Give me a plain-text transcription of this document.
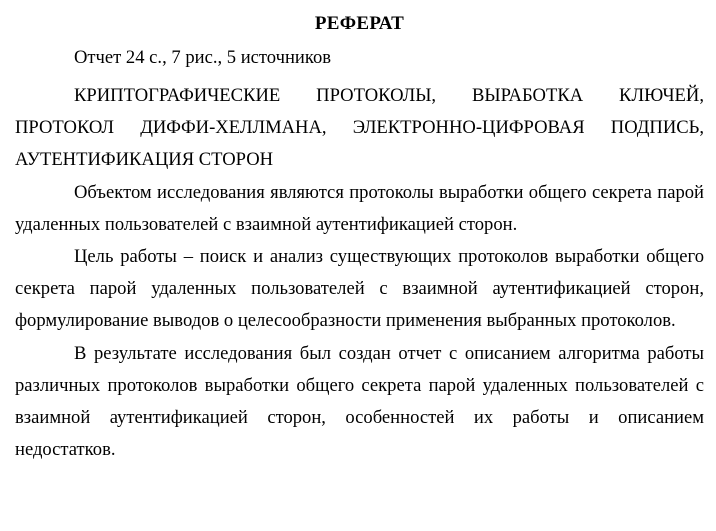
РЕФЕРАТ

Отчет 24 с., 7 рис., 5 источников

КРИПТОГРАФИЧЕСКИЕ ПРОТОКОЛЫ, ВЫРАБОТКА КЛЮЧЕЙ, ПРОТОКОЛ ДИФФИ-ХЕЛЛМАНА, ЭЛЕКТРОННО-ЦИФРОВАЯ ПОДПИСЬ, АУТЕНТИФИКАЦИЯ СТОРОН

Объектом исследования являются протоколы выработки общего секрета парой удаленных пользователей с взаимной аутентификацией сторон.

Цель работы – поиск и анализ существующих протоколов выработки общего секрета парой удаленных пользователей с взаимной аутентификацией сторон, формулирование выводов о целесообразности применения выбранных протоколов.

В результате исследования был создан отчет с описанием алгоритма работы различных протоколов выработки общего секрета парой удаленных пользователей с взаимной аутентификацией сторон, особенностей их работы и описанием недостатков.
